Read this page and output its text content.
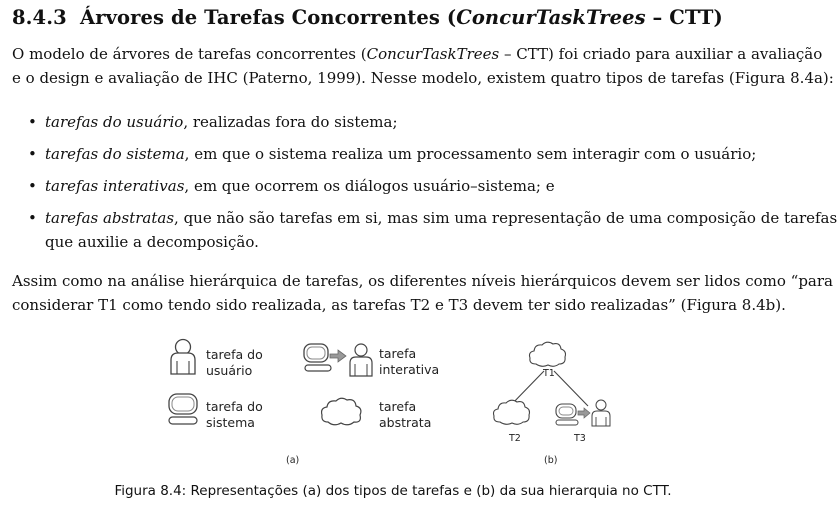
8.4.3 Árvores de Tarefas Concorrentes (ConcurTaskTrees – CTT)
O modelo de árvores de tarefas concorrentes (ConcurTaskTrees – CTT) foi criado para auxiliar a avaliação
e o design e avaliação de IHC (Paterno, 1999). Nesse modelo, existem quatro tipos de tarefas (Figura 8.4a):
• tarefas do usuário, realizadas fora do sistema;
• tarefas do sistema, em que o sistema realiza um processamento sem interagir com o usuário;
• tarefas interativas, em que ocorrem os diálogos usuário–sistema; e
• tarefas abstratas, que não são tarefas em si, mas sim uma representação de uma composição de tarefas
que auxilie a decomposição.
Assim como na análise hierárquica de tarefas, os diferentes níveis hierárquicos devem ser lidos como “para
considerar T1 como tendo sido realizada, as tarefas T2 e T3 devem ter sido realizadas” (Figura 8.4b).
tarefa do
usuário
tarefa
interativa
tarefa do
sistema
tarefa
abstrata
(a)
T1
T2	T3
(b)
Figura 8.4: Representações (a) dos tipos de tarefas e (b) da sua hierarquia no CTT.
